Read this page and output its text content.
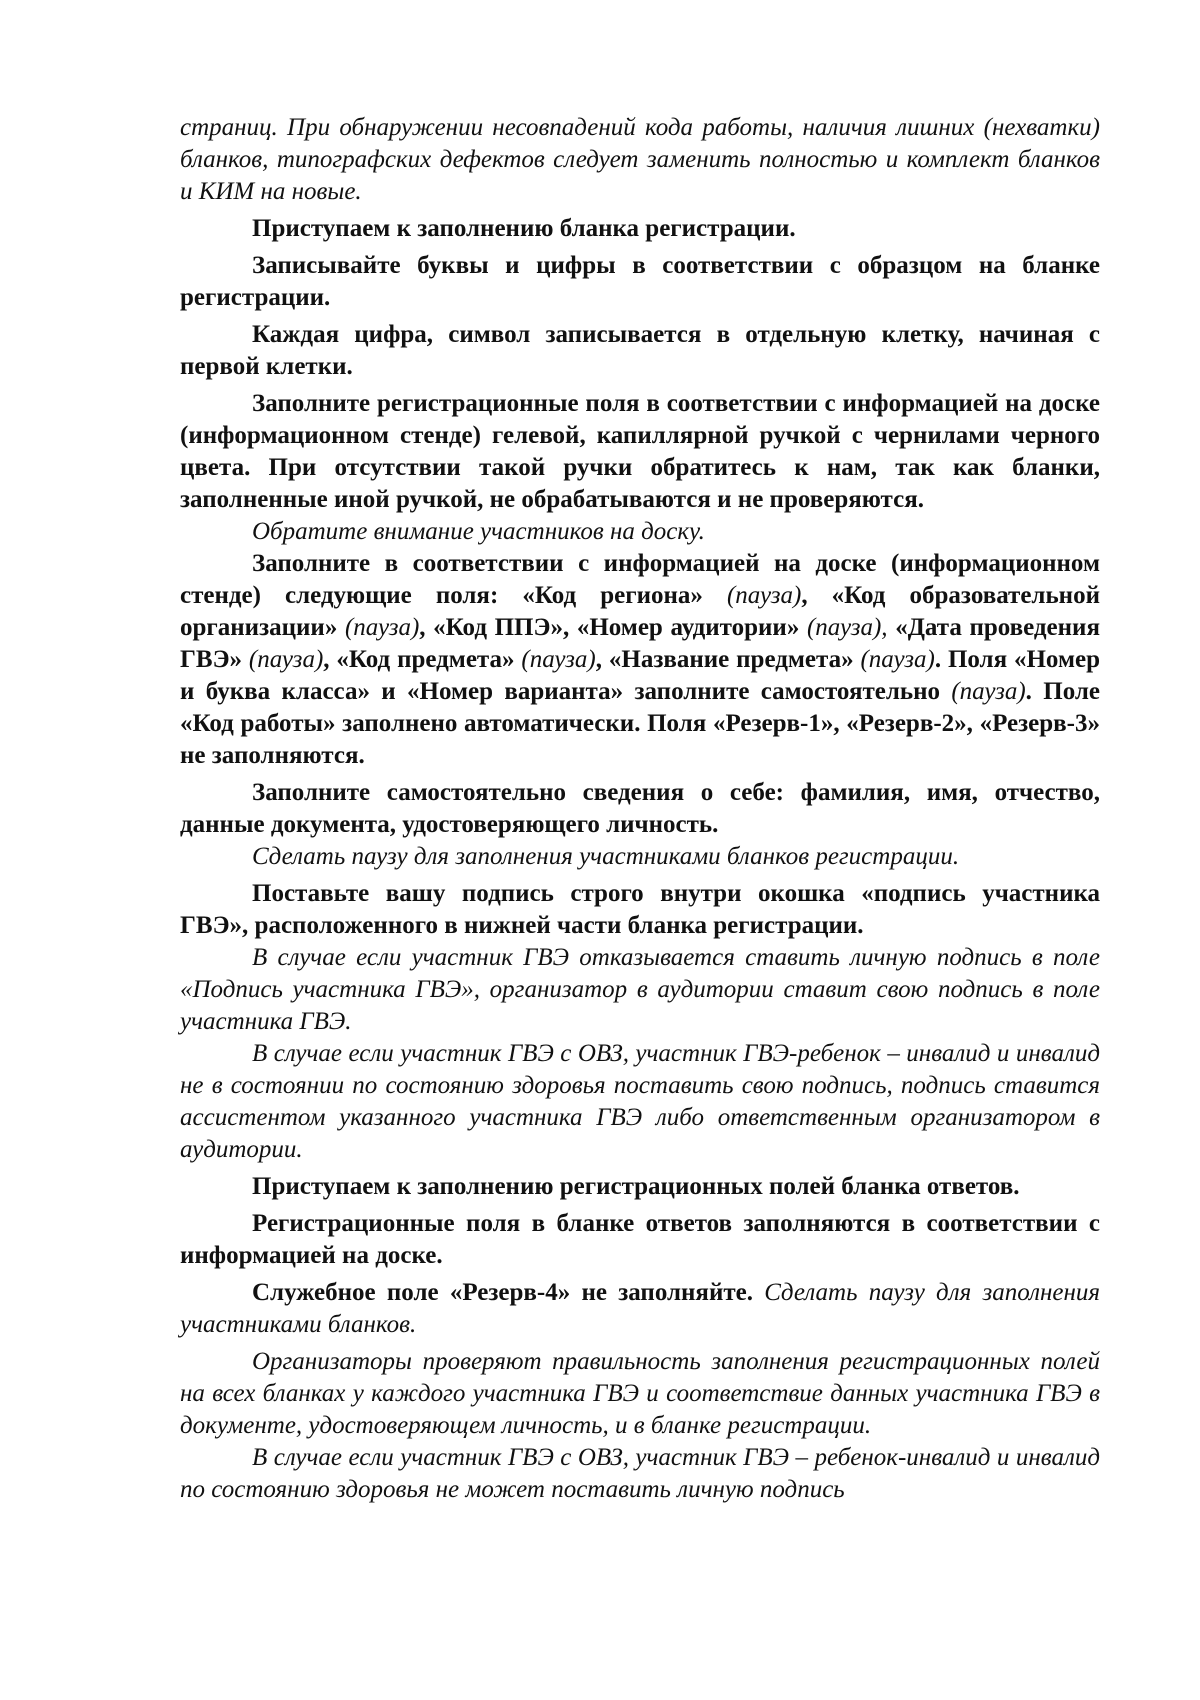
страниц. При обнаружении несовпадений кода работы, наличия лишних (нехватки) бланков, типографских дефектов следует заменить полностью и комплект бланков и КИМ на новые.

Приступаем к заполнению бланка регистрации.

Записывайте буквы и цифры в соответствии с образцом на бланке регистрации.

Каждая цифра, символ записывается в отдельную клетку, начиная с первой клетки.

Заполните регистрационные поля в соответствии с информацией на доске (информационном стенде) гелевой, капиллярной ручкой с чернилами черного цвета. При отсутствии такой ручки обратитесь к нам, так как бланки, заполненные иной ручкой, не обрабатываются и не проверяются.

Обратите внимание участников на доску.

Заполните в соответствии с информацией на доске (информационном стенде) следующие поля: «Код региона» (пауза), «Код образовательной организации» (пауза), «Код ППЭ», «Номер аудитории» (пауза), «Дата проведения ГВЭ» (пауза), «Код предмета» (пауза), «Название предмета» (пауза). Поля «Номер и буква класса» и «Номер варианта» заполните самостоятельно (пауза). Поле «Код работы» заполнено автоматически. Поля «Резерв-1», «Резерв-2», «Резерв-3» не заполняются.

Заполните самостоятельно сведения о себе: фамилия, имя, отчество, данные документа, удостоверяющего личность.

Сделать паузу для заполнения участниками бланков регистрации.

Поставьте вашу подпись строго внутри окошка «подпись участника ГВЭ», расположенного в нижней части бланка регистрации.

В случае если участник ГВЭ отказывается ставить личную подпись в поле «Подпись участника ГВЭ», организатор в аудитории ставит свою подпись в поле участника ГВЭ.

В случае если участник ГВЭ с ОВЗ, участник ГВЭ-ребенок – инвалид и инвалид не в состоянии по состоянию здоровья поставить свою подпись, подпись ставится ассистентом указанного участника ГВЭ либо ответственным организатором в аудитории.

Приступаем к заполнению регистрационных полей бланка ответов.

Регистрационные поля в бланке ответов заполняются в соответствии с информацией на доске.

Служебное поле «Резерв-4» не заполняйте. Сделать паузу для заполнения участниками бланков.

Организаторы проверяют правильность заполнения регистрационных полей на всех бланках у каждого участника ГВЭ и соответствие данных участника ГВЭ в документе, удостоверяющем личность, и в бланке регистрации.

В случае если участник ГВЭ с ОВЗ, участник ГВЭ – ребенок-инвалид и инвалид по состоянию здоровья не может поставить личную подпись
